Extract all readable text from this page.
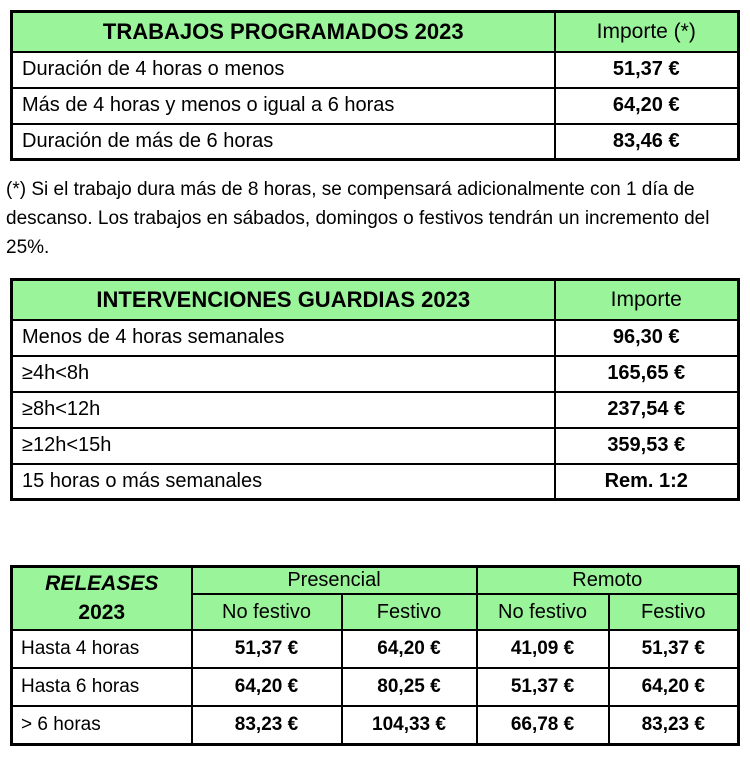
TRABAJOS PROGRAMADOS 2023	Importe (*)
Duración de 4 horas o menos	51,37 €
Más de 4 horas y menos o igual a 6 horas	64,20 €
Duración de más de 6 horas	83,46 €
(*) Si el trabajo dura más de 8 horas, se compensará adicionalmente con 1 día de
descanso. Los trabajos en sábados, domingos o festivos tendrán un incremento del
25%.
INTERVENCIONES GUARDIAS 2023	Importe
Menos de 4 horas semanales	96,30 €
≥4h<8h	165,65 €
≥8h<12h	237,54 €
≥12h<15h	359,53 €
15 horas o más semanales	Rem. 1:2
RELEASES
2023	Presencial		Remoto	
	No festivo	Festivo	No festivo	Festivo
Hasta 4 horas	51,37 €	64,20 €	41,09 €	51,37 €
Hasta 6 horas	64,20 €	80,25 €	51,37 €	64,20 €
> 6 horas	83,23 €	104,33 €	66,78 €	83,23 €
